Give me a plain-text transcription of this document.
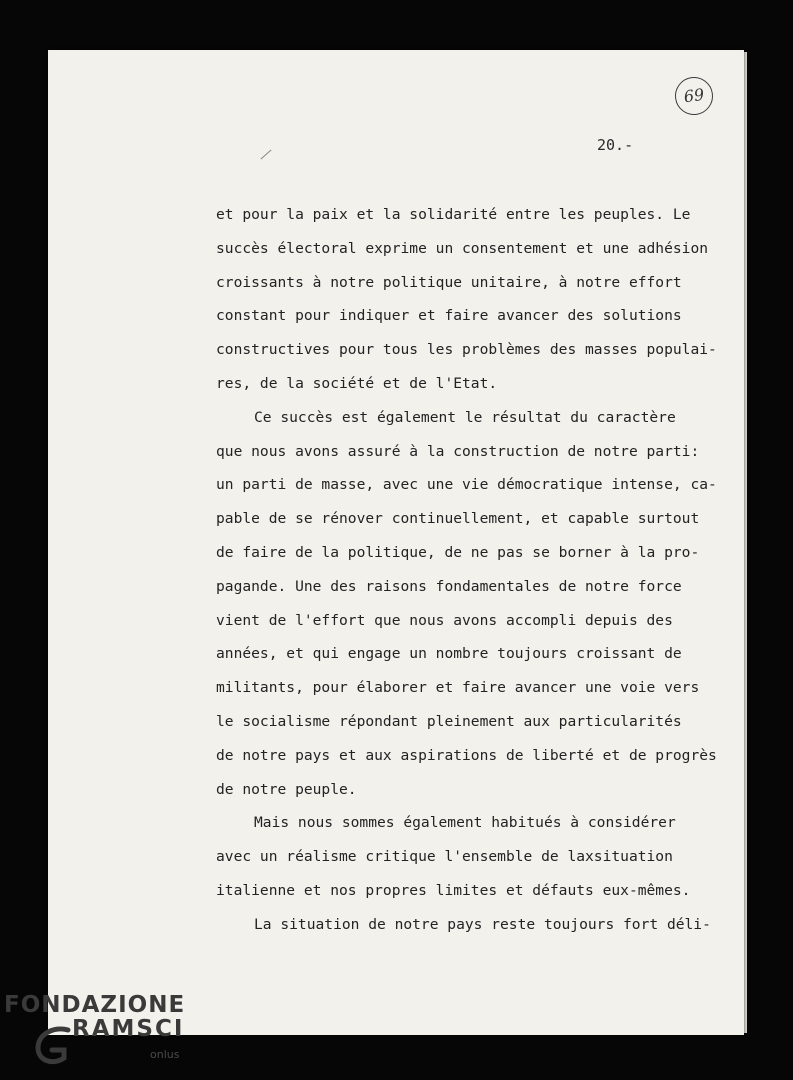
69
20.-
et pour la paix et la solidarité entre les peuples. Le
succès électoral exprime un consentement et une adhésion
croissants à notre politique unitaire, à notre effort
constant pour indiquer et faire avancer des solutions
constructives pour tous les problèmes des masses populai-
res, de la société et de l'Etat.
Ce succès est également le résultat du caractère
que nous avons assuré à la construction de notre parti:
un parti de masse, avec une vie démocratique intense, ca-
pable de se rénover continuellement, et capable surtout
de faire de la politique, de ne pas se borner à la pro-
pagande. Une des raisons fondamentales de notre force
vient de l'effort que nous avons accompli depuis des
années, et qui engage un nombre toujours croissant de
militants, pour élaborer et faire avancer une voie vers
le socialisme répondant pleinement aux particularités
de notre pays et aux aspirations de liberté et de progrès
de notre peuple.
Mais nous sommes également habitués à considérer
avec un réalisme critique l'ensemble de laxsituation
italienne et nos propres limites et défauts eux-mêmes.
La situation de notre pays reste toujours fort déli-
FONDAZIONE
RAMSCI
onlus
